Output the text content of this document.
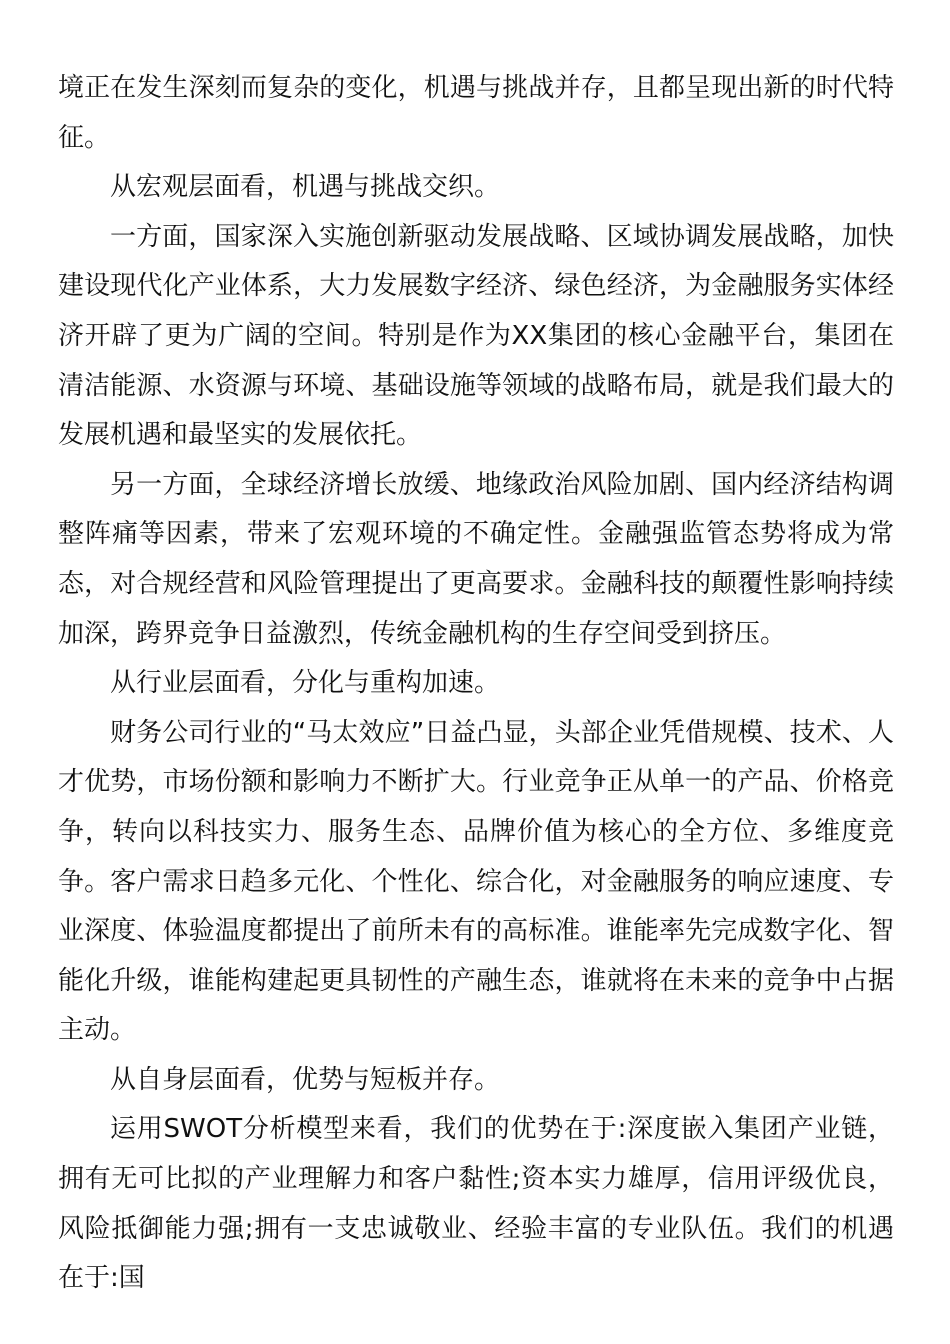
境正在发生深刻而复杂的变化，机遇与挑战并存，且都呈现出新的时代特征。

从宏观层面看，机遇与挑战交织。

一方面，国家深入实施创新驱动发展战略、区域协调发展战略，加快建设现代化产业体系，大力发展数字经济、绿色经济，为金融服务实体经济开辟了更为广阔的空间。特别是作为XX集团的核心金融平台，集团在清洁能源、水资源与环境、基础设施等领域的战略布局，就是我们最大的发展机遇和最坚实的发展依托。

另一方面，全球经济增长放缓、地缘政治风险加剧、国内经济结构调整阵痛等因素，带来了宏观环境的不确定性。金融强监管态势将成为常态，对合规经营和风险管理提出了更高要求。金融科技的颠覆性影响持续加深，跨界竞争日益激烈，传统金融机构的生存空间受到挤压。

从行业层面看，分化与重构加速。

财务公司行业的“马太效应”日益凸显，头部企业凭借规模、技术、人才优势，市场份额和影响力不断扩大。行业竞争正从单一的产品、价格竞争，转向以科技实力、服务生态、品牌价值为核心的全方位、多维度竞争。客户需求日趋多元化、个性化、综合化，对金融服务的响应速度、专业深度、体验温度都提出了前所未有的高标准。谁能率先完成数字化、智能化升级，谁能构建起更具韧性的产融生态，谁就将在未来的竞争中占据主动。

从自身层面看，优势与短板并存。

运用SWOT分析模型来看，我们的优势在于:深度嵌入集团产业链，拥有无可比拟的产业理解力和客户黏性;资本实力雄厚，信用评级优良，风险抵御能力强;拥有一支忠诚敬业、经验丰富的专业队伍。我们的机遇在于:国
